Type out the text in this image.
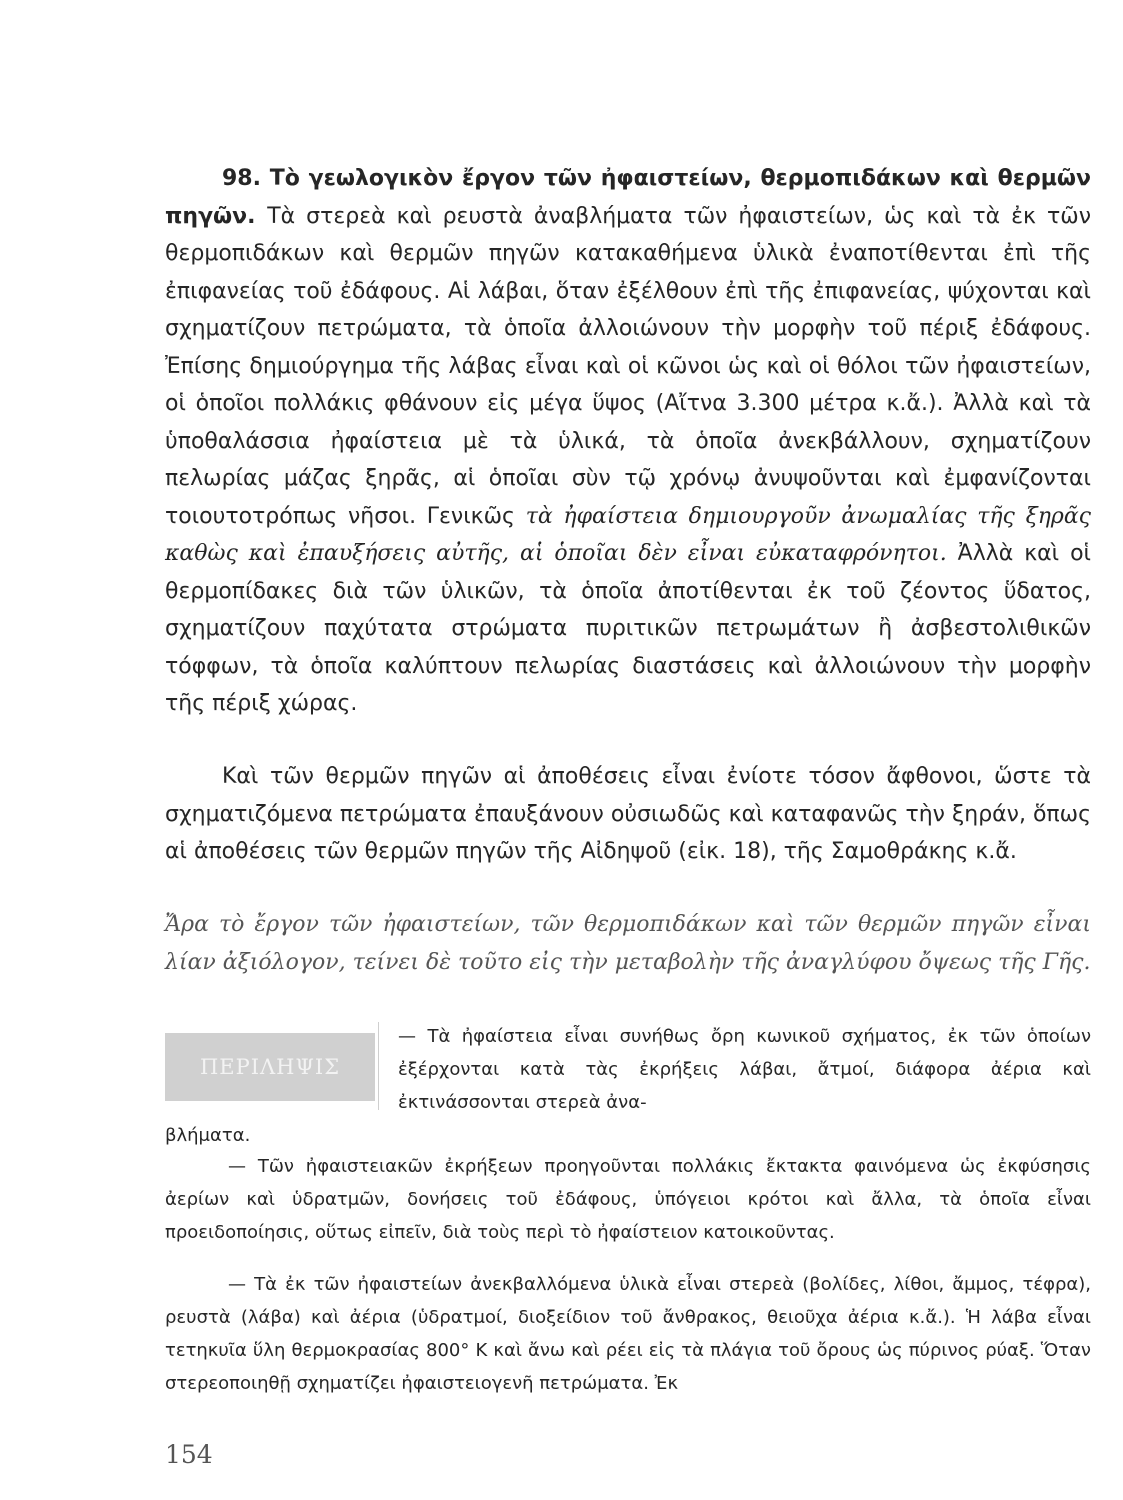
98. Τὸ γεωλογικὸν ἔργον τῶν ἠφαιστείων, θερμοπιδάκων καὶ θερμῶν πηγῶν. Τὰ στερεὰ καὶ ρευστὰ ἀναβλήματα τῶν ἠφαιστείων, ὡς καὶ τὰ ἐκ τῶν θερμοπιδάκων καὶ θερμῶν πηγῶν κατακαθήμενα ὑλικὰ ἐναποτίθενται ἐπὶ τῆς ἐπιφανείας τοῦ ἐδάφους. Αἱ λάβαι, ὅταν ἐξέλθουν ἐπὶ τῆς ἐπιφανείας, ψύχονται καὶ σχηματίζουν πετρώματα, τὰ ὁποῖα ἀλλοιώνουν τὴν μορφὴν τοῦ πέριξ ἐδάφους. Ἐπίσης δημιούργημα τῆς λάβας εἶναι καὶ οἱ κῶνοι ὡς καὶ οἱ θόλοι τῶν ἠφαιστείων, οἱ ὁποῖοι πολλάκις φθάνουν εἰς μέγα ὕψος (Αἴτνα 3.300 μέτρα κ.ἄ.). Ἀλλὰ καὶ τὰ ὑποθαλάσσια ἠφαίστεια μὲ τὰ ὑλικά, τὰ ὁποῖα ἀνεκβάλλουν, σχηματίζουν πελωρίας μάζας ξηρᾶς, αἱ ὁποῖαι σὺν τῷ χρόνῳ ἀνυψοῦνται καὶ ἐμφανίζονται τοιουτοτρόπως νῆσοι. Γενικῶς τὰ ἠφαίστεια δημιουργοῦν ἀνωμαλίας τῆς ξηρᾶς καθὼς καὶ ἐπαυξήσεις αὐτῆς, αἱ ὁποῖαι δὲν εἶναι εὐκαταφρόνητοι. Ἀλλὰ καὶ οἱ θερμοπίδακες διὰ τῶν ὑλικῶν, τὰ ὁποῖα ἀποτίθενται ἐκ τοῦ ζέοντος ὕδατος, σχηματίζουν παχύτατα στρώματα πυριτικῶν πετρωμάτων ἢ ἀσβεστολιθικῶν τόφφων, τὰ ὁποῖα καλύπτουν πελωρίας διαστάσεις καὶ ἀλλοιώνουν τὴν μορφὴν τῆς πέριξ χώρας.
Καὶ τῶν θερμῶν πηγῶν αἱ ἀποθέσεις εἶναι ἐνίοτε τόσον ἄφθονοι, ὥστε τὰ σχηματιζόμενα πετρώματα ἐπαυξάνουν οὐσιωδῶς καὶ καταφανῶς τὴν ξηράν, ὅπως αἱ ἀποθέσεις τῶν θερμῶν πηγῶν τῆς Αἰδηψοῦ (εἰκ. 18), τῆς Σαμοθράκης κ.ἄ.
Ἄρα τὸ ἔργον τῶν ἠφαιστείων, τῶν θερμοπιδάκων καὶ τῶν θερμῶν πηγῶν εἶναι λίαν ἀξιόλογον, τείνει δὲ τοῦτο εἰς τὴν μεταβολὴν τῆς ἀναγλύφου ὄψεως τῆς Γῆς.
ΠΕΡΙΛΗΨΙΣ
— Τὰ ἠφαίστεια εἶναι συνήθως ὄρη κωνικοῦ σχήματος, ἐκ τῶν ὁποίων ἐξέρχονται κατὰ τὰς ἐκρήξεις λάβαι, ἄτμοί, διάφορα ἀέρια καὶ ἐκτινάσσονται στερεὰ ἀνα-
βλήματα.
— Τῶν ἠφαιστειακῶν ἐκρήξεων προηγοῦνται πολλάκις ἔκτακτα φαινόμενα ὡς ἐκφύσησις ἀερίων καὶ ὑδρατμῶν, δονήσεις τοῦ ἐδάφους, ὑπόγειοι κρότοι καὶ ἄλλα, τὰ ὁποῖα εἶναι προειδοποίησις, οὕτως εἰπεῖν, διὰ τοὺς περὶ τὸ ἠφαίστειον κατοικοῦντας.
— Τὰ ἐκ τῶν ἠφαιστείων ἀνεκβαλλόμενα ὑλικὰ εἶναι στερεὰ (βολίδες, λίθοι, ἄμμος, τέφρα), ρευστὰ (λάβα) καὶ ἀέρια (ὑδρατμοί, διοξείδιον τοῦ ἄνθρακος, θειοῦχα ἀέρια κ.ἄ.). Ἡ λάβα εἶναι τετηκυῖα ὕλη θερμοκρασίας 800° Κ καὶ ἄνω καὶ ρέει εἰς τὰ πλάγια τοῦ ὄρους ὡς πύρινος ρύαξ. Ὅταν στερεοποιηθῇ σχηματίζει ἠφαιστειογενῆ πετρώματα. Ἐκ
154
